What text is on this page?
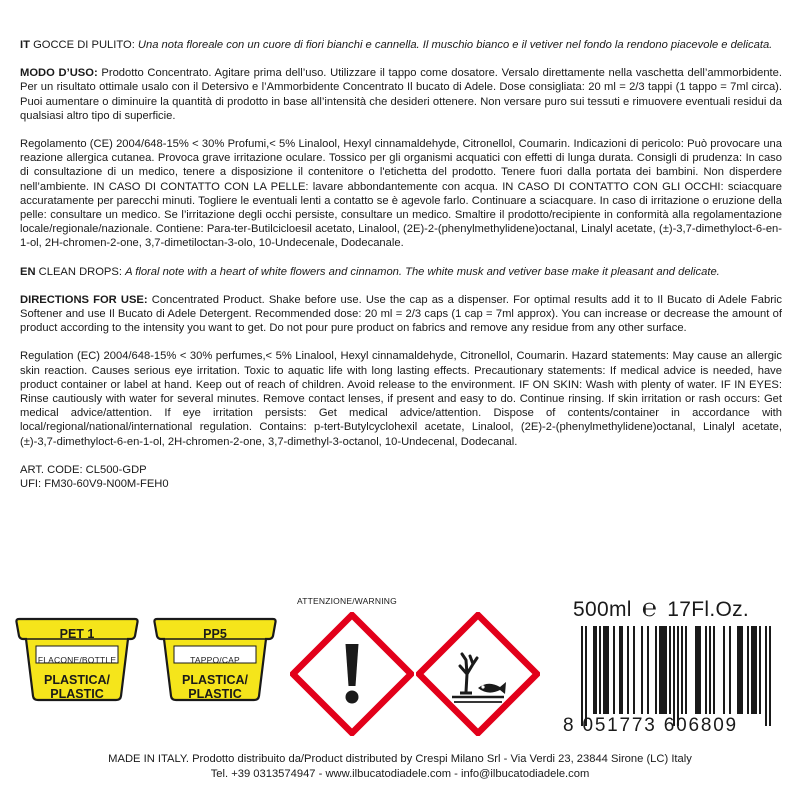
IT GOCCE DI PULITO: Una nota floreale con un cuore di fiori bianchi e cannella. Il muschio bianco e il vetiver nel fondo la rendono piacevole e delicata.

MODO D’USO: Prodotto Concentrato. Agitare prima dell’uso. Utilizzare il tappo come dosatore. Versalo direttamente nella vaschetta dell’ammorbidente. Per un risultato ottimale usalo con il Detersivo e l’Ammorbidente Concentrato Il bucato di Adele. Dose consigliata: 20 ml = 2/3 tappi (1 tappo = 7ml circa). Puoi aumentare o diminuire la quantità di prodotto in base all’intensità che desideri ottenere. Non versare puro sui tessuti e rimuovere eventuali residui da qualsiasi altro tipo di superficie.

Regolamento (CE) 2004/648-15% < 30% Profumi,< 5% Linalool, Hexyl cinnamaldehyde, Citronellol, Coumarin. Indicazioni di pericolo: Può provocare una reazione allergica cutanea. Provoca grave irritazione oculare. Tossico per gli organismi acquatici con effetti di lunga durata. Consigli di prudenza: In caso di consultazione di un medico, tenere a disposizione il contenitore o l'etichetta del prodotto. Tenere fuori dalla portata dei bambini. Non disperdere nell’ambiente. IN CASO DI CONTATTO CON LA PELLE: lavare abbondantemente con acqua. IN CASO DI CONTATTO CON GLI OCCHI: sciacquare accuratamente per parecchi minuti. Togliere le eventuali lenti a contatto se è agevole farlo. Continuare a sciacquare. In caso di irritazione o eruzione della pelle: consultare un medico. Se l’irritazione degli occhi persiste, consultare un medico. Smaltire il prodotto/recipiente in conformità alla regolamentazione locale/regionale/nazionale. Contiene: Para-ter-Butilcicloesil acetato, Linalool, (2E)-2-(phenylmethylidene)octanal, Linalyl acetate, (±)-3,7-dimethyloct-6-en-1-ol, 2H-chromen-2-one, 3,7-dimetiloctan-3-olo, 10-Undecenale, Dodecanale.

EN CLEAN DROPS: A floral note with a heart of white flowers and cinnamon. The white musk and vetiver base make it pleasant and delicate.

DIRECTIONS FOR USE: Concentrated Product. Shake before use. Use the cap as a dispenser. For optimal results add it to Il Bucato di Adele Fabric Softener and use Il Bucato di Adele Detergent. Recommended dose: 20 ml = 2/3 caps (1 cap = 7ml approx). You can increase or decrease the amount of product according to the intensity you want to get. Do not pour pure product on fabrics and remove any residue from any other surface.

Regulation (EC) 2004/648-15% < 30% perfumes,< 5% Linalool, Hexyl cinnamaldehyde, Citronellol, Coumarin. Hazard statements: May cause an allergic skin reaction. Causes serious eye irritation. Toxic to aquatic life with long lasting effects. Precautionary statements: If medical advice is needed, have product container or label at hand. Keep out of reach of children. Avoid release to the environment. IF ON SKIN: Wash with plenty of water. IF IN EYES: Rinse cautiously with water for several minutes. Remove contact lenses, if present and easy to do. Continue rinsing. If skin irritation or rash occurs: Get medical advice/attention. If eye irritation persists: Get medical advice/attention. Dispose of contents/container in accordance with local/regional/national/international regulation. Contains: p-tert-Butylcyclohexil acetate, Linalool, (2E)-2-(phenylmethylidene)octanal, Linalyl acetate, (±)-3,7-dimethyloct-6-en-1-ol, 2H-chromen-2-one, 3,7-dimethyl-3-octanol, 10-Undecenal, Dodecanal.

ART. CODE: CL500-GDP

UFI: FM30-60V9-N00M-FEH0

PET 1
FLACONE/BOTTLE
PLASTICA/
PLASTIC
PP5
TAPPO/CAP
PLASTICA/
PLASTIC
ATTENZIONE/WARNING	500ml ℮ 17Fl.Oz.
8 051773 606809
MADE IN ITALY. Prodotto distribuito da/Product distributed by Crespi Milano Srl - Via Verdi 23, 23844 Sirone (LC) Italy
Tel. +39 0313574947 - www.ilbucatodiadele.com - info@ilbucatodiadele.com
